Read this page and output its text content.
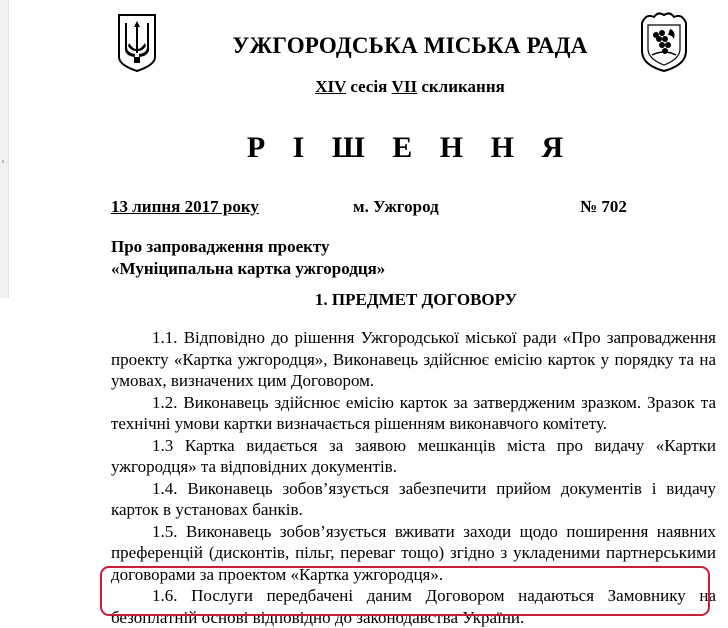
›
УЖГОРОДСЬКА МІСЬКА РАДА
XIV сесія VII скликання
Р І Ш Е Н Н Я
13 липня 2017 року	м. Ужгород	№ 702
Про запровадження проекту
«Муніципальна картка ужгородця»
1. ПРЕДМЕТ ДОГОВОРУ

1.1. Відповідно до рішення Ужгородської міської ради «Про запровадження проекту «Картка ужгородця», Виконавець здійснює емісію карток у порядку та на умовах, визначених цим Договором.

1.2. Виконавець здійснює емісію карток за затвердженим зразком. Зразок та технічні умови картки визначається рішенням виконавчого комітету.

1.3 Картка видається за заявою мешканців міста про видачу «Картки ужгородця» та відповідних документів.

1.4. Виконавець зобов’язується забезпечити прийом документів і видачу карток в установах банків.

1.5. Виконавець зобов’язується вживати заходи щодо поширення наявних преференцій (дисконтів, пільг, переваг тощо) згідно з укладеними партнерськими договорами за проектом «Картка ужгородця».

1.6. Послуги передбачені даним Договором надаються Замовнику на безоплатній основі відповідно до законодавства України.
